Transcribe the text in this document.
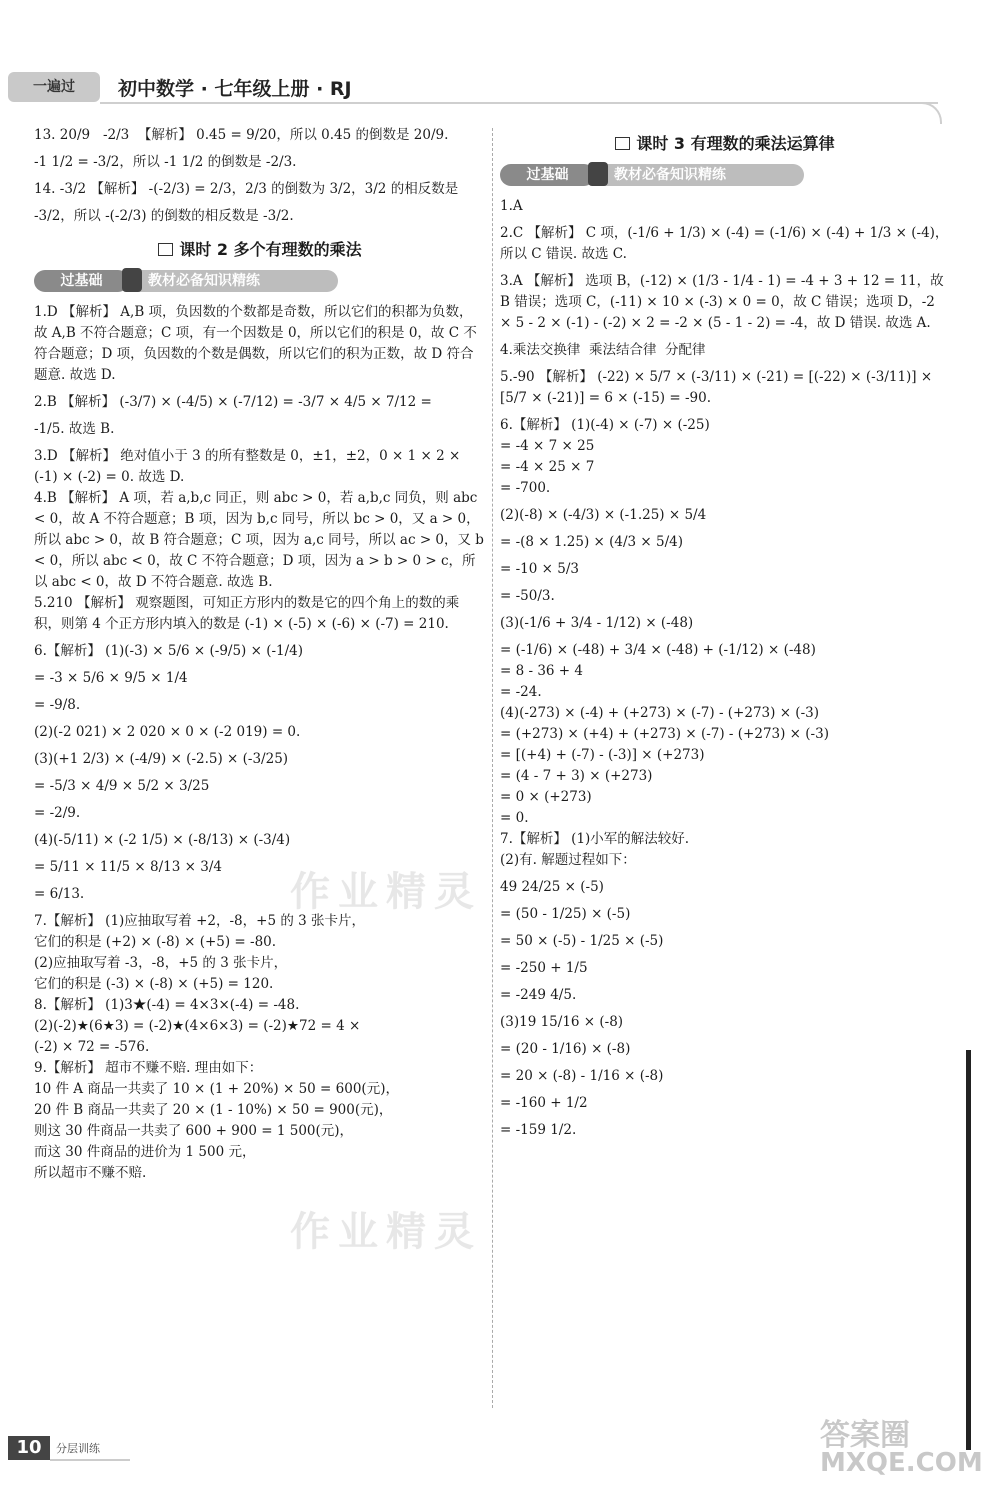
一遍过	初中数学 · 七年级上册 · RJ

13. 20/9   -2/3  【解析】 0.45 = 9/20，所以 0.45 的倒数是 20/9.

-1 1/2 = -3/2，所以 -1 1/2 的倒数是 -2/3.

14. -3/2 【解析】 -(-2/3) = 2/3，2/3 的倒数为 3/2，3/2 的相反数是

-3/2，所以 -(-2/3) 的倒数的相反数是 -3/2.

课时 2 多个有理数的乘法
教材必备知识精练
过基础

1.D 【解析】 A,B 项，负因数的个数都是奇数，所以它们的积都为负数，故 A,B 不符合题意；C 项，有一个因数是 0，所以它们的积是 0，故 C 不符合题意；D 项，负因数的个数是偶数，所以它们的积为正数，故 D 符合题意. 故选 D.

2.B 【解析】 (-3/7) × (-4/5) × (-7/12) = -3/7 × 4/5 × 7/12 =

-1/5. 故选 B.

3.D 【解析】 绝对值小于 3 的所有整数是 0，±1，±2，0 × 1 × 2 × (-1) × (-2) = 0. 故选 D.

4.B 【解析】 A 项，若 a,b,c 同正，则 abc > 0，若 a,b,c 同负，则 abc < 0，故 A 不符合题意；B 项，因为 b,c 同号，所以 bc > 0，又 a > 0，所以 abc > 0，故 B 符合题意；C 项，因为 a,c 同号，所以 ac > 0，又 b < 0，所以 abc < 0，故 C 不符合题意；D 项，因为 a > b > 0 > c，所以 abc < 0，故 D 不符合题意. 故选 B.

5.210 【解析】 观察题图，可知正方形内的数是它的四个角上的数的乘积，则第 4 个正方形内填入的数是 (-1) × (-5) × (-6) × (-7) = 210.

6.【解析】 (1)(-3) × 5/6 × (-9/5) × (-1/4)

= -3 × 5/6 × 9/5 × 1/4

= -9/8.

(2)(-2 021) × 2 020 × 0 × (-2 019) = 0.

(3)(+1 2/3) × (-4/9) × (-2.5) × (-3/25)

= -5/3 × 4/9 × 5/2 × 3/25

= -2/9.

(4)(-5/11) × (-2 1/5) × (-8/13) × (-3/4)

= 5/11 × 11/5 × 8/13 × 3/4

= 6/13.

7.【解析】 (1)应抽取写着 +2，-8，+5 的 3 张卡片，

它们的积是 (+2) × (-8) × (+5) = -80.

(2)应抽取写着 -3，-8，+5 的 3 张卡片，

它们的积是 (-3) × (-8) × (+5) = 120.

8.【解析】 (1)3★(-4) = 4×3×(-4) = -48.

(2)(-2)★(6★3) = (-2)★(4×6×3) = (-2)★72 = 4 ×

(-2) × 72 = -576.

9.【解析】 超市不赚不赔. 理由如下：

10 件 A 商品一共卖了 10 × (1 + 20%) × 50 = 600(元)，

20 件 B 商品一共卖了 20 × (1 - 10%) × 50 = 900(元)，

则这 30 件商品一共卖了 600 + 900 = 1 500(元)，

而这 30 件商品的进价为 1 500 元，

所以超市不赚不赔.

课时 3 有理数的乘法运算律
教材必备知识精练
过基础

1.A

2.C 【解析】 C 项，(-1/6 + 1/3) × (-4) = (-1/6) × (-4) + 1/3 × (-4)，所以 C 错误. 故选 C.

3.A 【解析】 选项 B，(-12) × (1/3 - 1/4 - 1) = -4 + 3 + 12 = 11，故 B 错误；选项 C，(-11) × 10 × (-3) × 0 = 0，故 C 错误；选项 D，-2 × 5 - 2 × (-1) - (-2) × 2 = -2 × (5 - 1 - 2) = -4，故 D 错误. 故选 A.

4.乘法交换律  乘法结合律  分配律

5.-90 【解析】 (-22) × 5/7 × (-3/11) × (-21) = [(-22) × (-3/11)] × [5/7 × (-21)] = 6 × (-15) = -90.

6.【解析】 (1)(-4) × (-7) × (-25)

= -4 × 7 × 25

= -4 × 25 × 7

= -700.

(2)(-8) × (-4/3) × (-1.25) × 5/4

= -(8 × 1.25) × (4/3 × 5/4)

= -10 × 5/3

= -50/3.

(3)(-1/6 + 3/4 - 1/12) × (-48)

= (-1/6) × (-48) + 3/4 × (-48) + (-1/12) × (-48)

= 8 - 36 + 4

= -24.

(4)(-273) × (-4) + (+273) × (-7) - (+273) × (-3)

= (+273) × (+4) + (+273) × (-7) - (+273) × (-3)

= [(+4) + (-7) - (-3)] × (+273)

= (4 - 7 + 3) × (+273)

= 0 × (+273)

= 0.

7.【解析】 (1)小军的解法较好.

(2)有. 解题过程如下：

49 24/25 × (-5)

= (50 - 1/25) × (-5)

= 50 × (-5) - 1/25 × (-5)

= -250 + 1/5

= -249 4/5.

(3)19 15/16 × (-8)

= (20 - 1/16) × (-8)

= 20 × (-8) - 1/16 × (-8)

= -160 + 1/2

= -159 1/2.

作业精灵
作业精灵
10	分层训练	答案圈
MXQE.COM
